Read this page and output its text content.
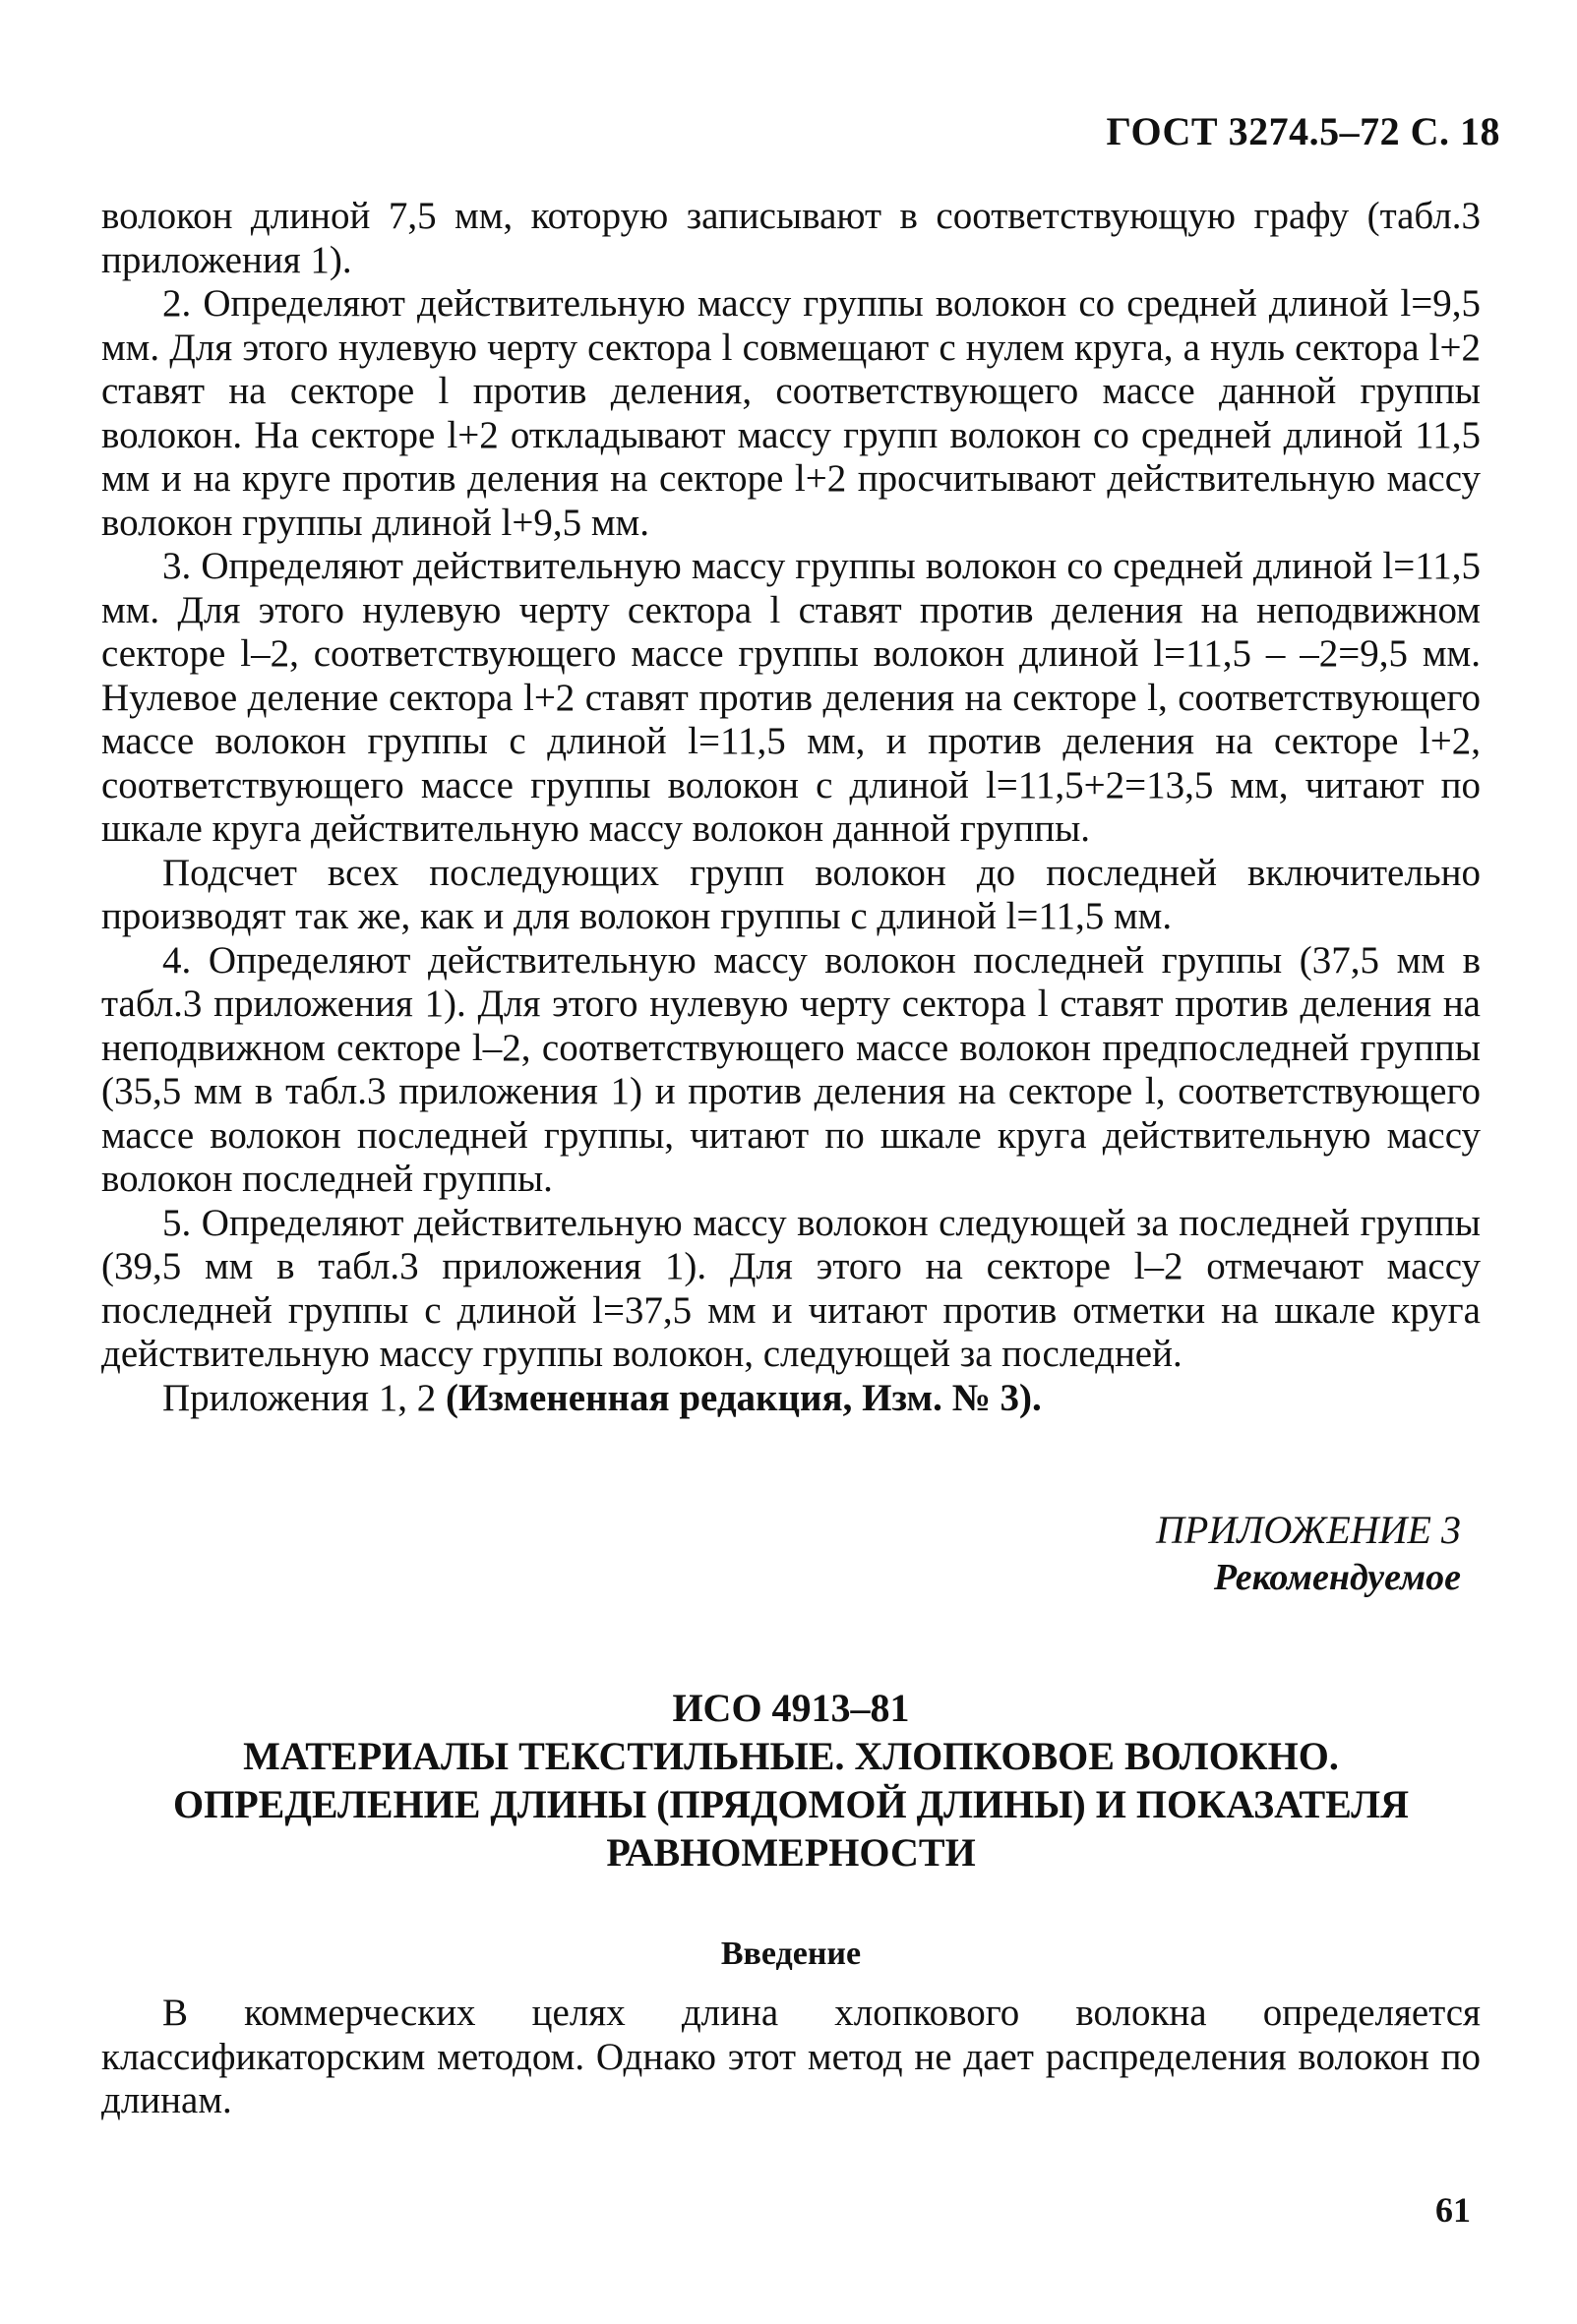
ГОСТ 3274.5–72 С. 18

волокон длиной 7,5 мм, которую записывают в соответствующую графу (табл.3 приложения 1).

2. Определяют действительную массу группы волокон со средней длиной l=9,5 мм. Для этого нулевую черту сектора l совмещают с нулем круга, а нуль сектора l+2 ставят на секторе l против деления, соответствующего массе данной группы волокон. На секторе l+2 откладывают массу групп волокон со средней длиной 11,5 мм и на круге против деления на секторе l+2 просчитывают действительную массу волокон группы длиной l+9,5 мм.

3. Определяют действительную массу группы волокон со средней длиной l=11,5 мм. Для этого нулевую черту сектора l ставят против деления на неподвижном секторе l–2, соответствующего массе группы волокон длиной l=11,5 – –2=9,5 мм. Нулевое деление сектора l+2 ставят против деления на секторе l, соответствующего массе волокон группы с длиной l=11,5 мм, и против деления на секторе l+2, соответствующего массе группы волокон с длиной l=11,5+2=13,5 мм, читают по шкале круга действительную массу волокон данной группы.

Подсчет всех последующих групп волокон до последней включительно производят так же, как и для волокон группы с длиной l=11,5 мм.

4. Определяют действительную массу волокон последней группы (37,5 мм в табл.3 приложения 1). Для этого нулевую черту сектора l ставят против деления на неподвижном секторе l–2, соответствующего массе волокон предпоследней группы (35,5 мм в табл.3 приложения 1) и против деления на секторе l, соответствующего массе волокон последней группы, читают по шкале круга действительную массу волокон последней группы.

5. Определяют действительную массу волокон следующей за последней группы (39,5 мм в табл.3 приложения 1). Для этого на секторе l–2 отмечают массу последней группы с длиной l=37,5 мм и читают против отметки на шкале круга действительную массу группы волокон, следующей за последней.

Приложения 1, 2 (Измененная редакция, Изм. № 3).

ПРИЛОЖЕНИЕ 3
Рекомендуемое
ИСО 4913–81
МАТЕРИАЛЫ ТЕКСТИЛЬНЫЕ. ХЛОПКОВОЕ ВОЛОКНО.
ОПРЕДЕЛЕНИЕ ДЛИНЫ (ПРЯДОМОЙ ДЛИНЫ) И ПОКАЗАТЕЛЯ
РАВНОМЕРНОСТИ
Введение

В коммерческих целях длина хлопкового волокна определяется классификаторским методом. Однако этот метод не дает распределения волокон по длинам.

61
